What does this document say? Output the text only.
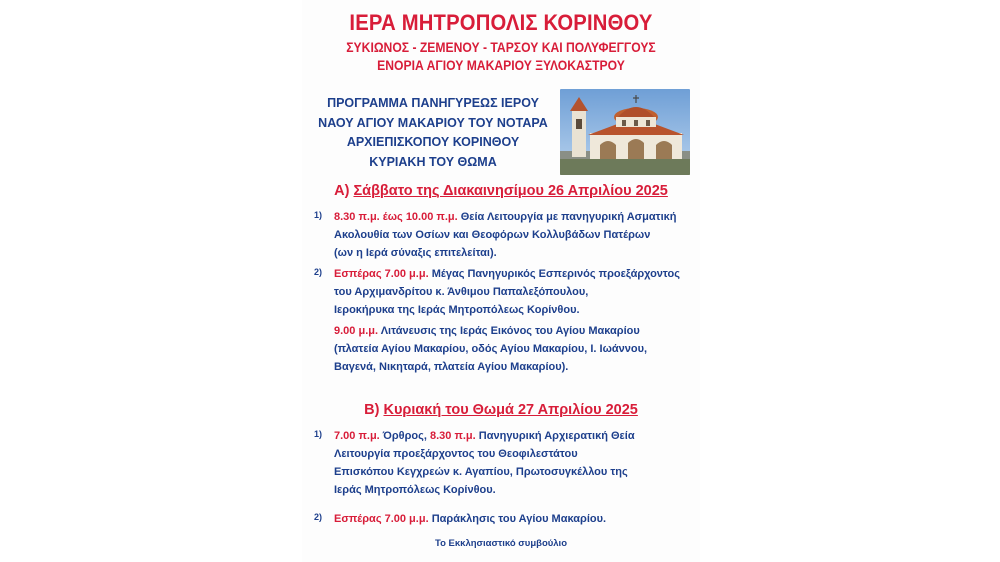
ΙΕΡΑ ΜΗΤΡΟΠΟΛΙΣ ΚΟΡΙΝΘΟΥ
ΣΥΚΙΩΝΟΣ - ΖΕΜΕΝΟΥ - ΤΑΡΣΟΥ ΚΑΙ ΠΟΛΥΦΕΓΓΟΥΣ
ΕΝΟΡΙΑ ΑΓΙΟΥ ΜΑΚΑΡΙΟΥ ΞΥΛΟΚΑΣΤΡΟΥ
ΠΡΟΓΡΑΜΜΑ ΠΑΝΗΓΥΡΕΩΣ ΙΕΡΟΥ
ΝΑΟΥ ΑΓΙΟΥ ΜΑΚΑΡΙΟΥ ΤΟΥ ΝΟΤΑΡΑ
ΑΡΧΙΕΠΙΣΚΟΠΟΥ ΚΟΡΙΝΘΟΥ
ΚΥΡΙΑΚΗ ΤΟΥ ΘΩΜΑ
Α) Σάββατο της Διακαινησίμου 26 Απριλίου 2025
1) 8.30 π.μ. έως 10.00 π.μ. Θεία Λειτουργία με πανηγυρική Ασματική
Ακολουθία των Οσίων και Θεοφόρων Κολλυβάδων Πατέρων
(ων η Ιερά σύναξις επιτελείται).
2) Εσπέρας 7.00 μ.μ. Μέγας Πανηγυρικός Εσπερινός προεξάρχοντος
του Αρχιμανδρίτου κ. Άνθιμου Παπαλεξόπουλου,
Ιεροκήρυκα της Ιεράς Μητροπόλεως Κορίνθου.
9.00 μ.μ. Λιτάνευσις της Ιεράς Εικόνος του Αγίου Μακαρίου
(πλατεία Αγίου Μακαρίου, οδός Αγίου Μακαρίου, Ι. Ιωάννου,
Βαγενά, Νικηταρά, πλατεία Αγίου Μακαρίου).
Β) Κυριακή του Θωμά 27 Απριλίου 2025
1) 7.00 π.μ. Όρθρος, 8.30 π.μ. Πανηγυρική Αρχιερατική Θεία
Λειτουργία προεξάρχοντος του Θεοφιλεστάτου
Επισκόπου Κεγχρεών κ. Αγαπίου, Πρωτοσυγκέλλου της
Ιεράς Μητροπόλεως Κορίνθου.
2) Εσπέρας 7.00 μ.μ. Παράκλησις του Αγίου Μακαρίου.
Το Εκκλησιαστικό συμβούλιο
